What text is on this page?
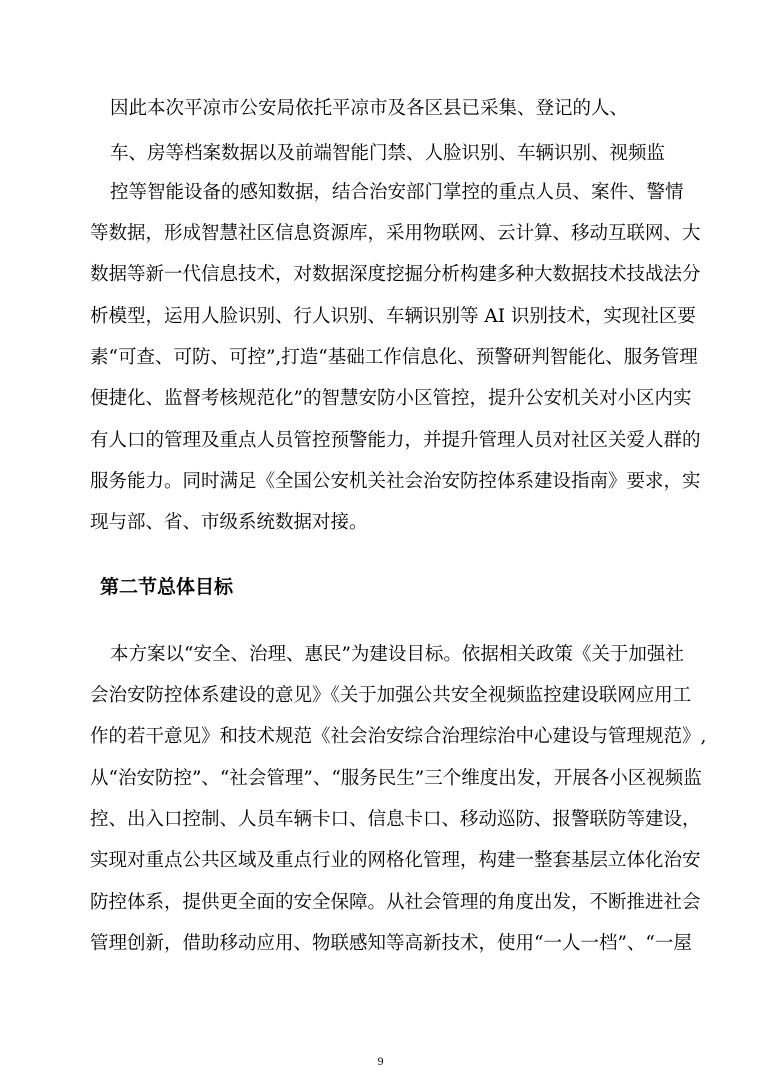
因此本次平凉市公安局依托平凉市及各区县已采集、登记的人、
车、房等档案数据以及前端智能门禁、人脸识别、车辆识别、视频监
控等智能设备的感知数据，结合治安部门掌控的重点人员、案件、警情
等数据，形成智慧社区信息资源库，采用物联网、云计算、移动互联网、大
数据等新一代信息技术，对数据深度挖掘分析构建多种大数据技术技战法分
析模型，运用人脸识别、行人识别、车辆识别等 AI 识别技术，实现社区要
素“可查、可防、可控”,打造“基础工作信息化、预警研判智能化、服务管理
便捷化、监督考核规范化”的智慧安防小区管控，提升公安机关对小区内实
有人口的管理及重点人员管控预警能力，并提升管理人员对社区关爱人群的
服务能力。同时满足《全国公安机关社会治安防控体系建设指南》要求，实
现与部、省、市级系统数据对接。
第二节总体目标
本方案以“安全、治理、惠民”为建设目标。依据相关政策《关于加强社
会治安防控体系建设的意见》《关于加强公共安全视频监控建设联网应用工
作的若干意见》和技术规范《社会治安综合治理综治中心建设与管理规范》,
从“治安防控”、“社会管理”、“服务民生”三个维度出发，开展各小区视频监
控、出入口控制、人员车辆卡口、信息卡口、移动巡防、报警联防等建设，
实现对重点公共区域及重点行业的网格化管理，构建一整套基层立体化治安
防控体系，提供更全面的安全保障。从社会管理的角度出发，不断推进社会
管理创新，借助移动应用、物联感知等高新技术，使用“一人一档”、“一屋
9
